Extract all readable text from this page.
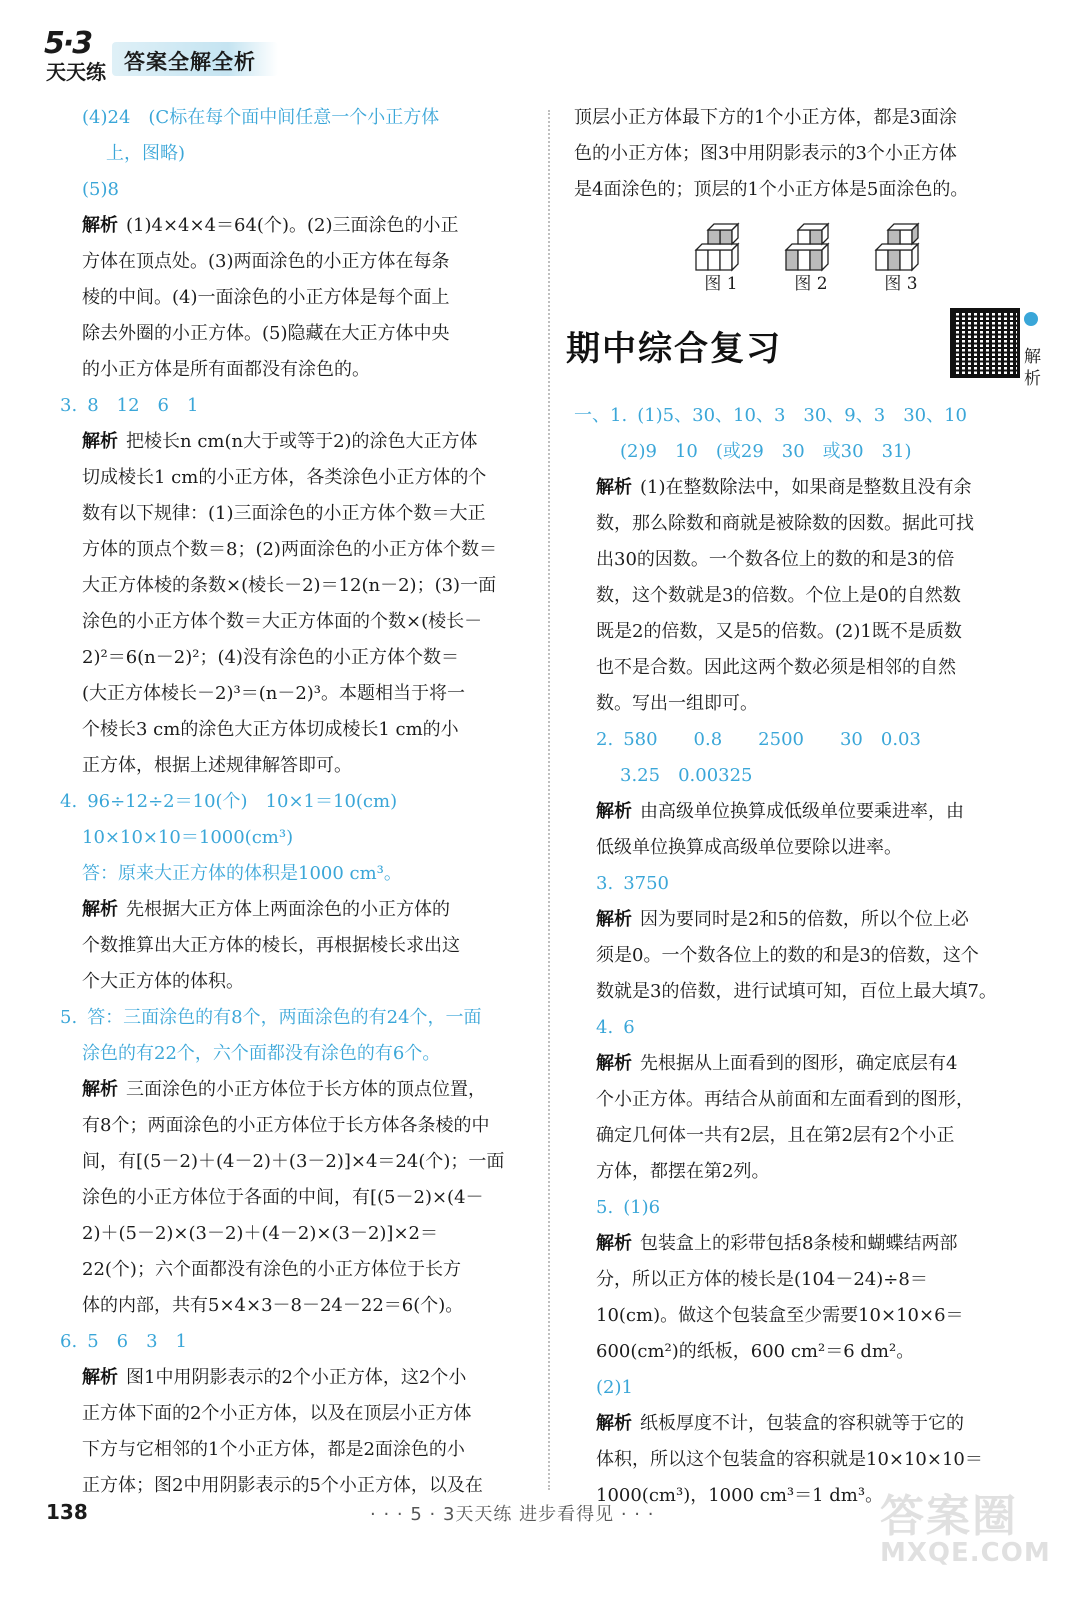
5·3
天天练 答案全解全析
(4)24　(C标在每个面中间任意一个小正方体
上，图略)
(5)8
解析 (1)4×4×4＝64(个)。(2)三面涂色的小正
方体在顶点处。(3)两面涂色的小正方体在每条
棱的中间。(4)一面涂色的小正方体是每个面上
除去外圈的小正方体。(5)隐藏在大正方体中央
的小正方体是所有面都没有涂色的。
3. 8　12　6　1
解析 把棱长n cm(n大于或等于2)的涂色大正方体
切成棱长1 cm的小正方体，各类涂色小正方体的个
数有以下规律：(1)三面涂色的小正方体个数＝大正
方体的顶点个数＝8；(2)两面涂色的小正方体个数＝
大正方体棱的条数×(棱长－2)＝12(n－2)；(3)一面
涂色的小正方体个数＝大正方体面的个数×(棱长－
2)²＝6(n－2)²；(4)没有涂色的小正方体个数＝
(大正方体棱长－2)³＝(n－2)³。本题相当于将一
个棱长3 cm的涂色大正方体切成棱长1 cm的小
正方体，根据上述规律解答即可。
4. 96÷12÷2＝10(个)　10×1＝10(cm)
10×10×10＝1000(cm³)
答：原来大正方体的体积是1000 cm³。
解析 先根据大正方体上两面涂色的小正方体的
个数推算出大正方体的棱长，再根据棱长求出这
个大正方体的体积。
5. 答：三面涂色的有8个，两面涂色的有24个，一面
涂色的有22个，六个面都没有涂色的有6个。
解析 三面涂色的小正方体位于长方体的顶点位置，
有8个；两面涂色的小正方体位于长方体各条棱的中
间，有[(5－2)＋(4－2)＋(3－2)]×4＝24(个)；一面
涂色的小正方体位于各面的中间，有[(5－2)×(4－
2)＋(5－2)×(3－2)＋(4－2)×(3－2)]×2＝
22(个)；六个面都没有涂色的小正方体位于长方
体的内部，共有5×4×3－8－24－22＝6(个)。
6. 5　6　3　1
解析 图1中用阴影表示的2个小正方体，这2个小
正方体下面的2个小正方体，以及在顶层小正方体
下方与它相邻的1个小正方体，都是2面涂色的小
正方体；图2中用阴影表示的5个小正方体，以及在
顶层小正方体最下方的1个小正方体，都是3面涂
色的小正方体；图3中用阴影表示的3个小正方体
是4面涂色的；顶层的1个小正方体是5面涂色的。
图 1	图 2	图 3
期中综合复习	解析
一、1. (1)5、30、10、3　30、9、3　30、10
(2)9　10　(或29　30　或30　31)
解析 (1)在整数除法中，如果商是整数且没有余
数，那么除数和商就是被除数的因数。据此可找
出30的因数。一个数各位上的数的和是3的倍
数，这个数就是3的倍数。个位上是0的自然数
既是2的倍数，又是5的倍数。(2)1既不是质数
也不是合数。因此这两个数必须是相邻的自然
数。写出一组即可。
2. 580　　0.8　　2500　　30　0.03
3.25　0.00325
解析 由高级单位换算成低级单位要乘进率，由
低级单位换算成高级单位要除以进率。
3. 3750
解析 因为要同时是2和5的倍数，所以个位上必
须是0。一个数各位上的数的和是3的倍数，这个
数就是3的倍数，进行试填可知，百位上最大填7。
4. 6
解析 先根据从上面看到的图形，确定底层有4
个小正方体。再结合从前面和左面看到的图形，
确定几何体一共有2层，且在第2层有2个小正
方体，都摆在第2列。
5. (1)6
解析 包装盒上的彩带包括8条棱和蝴蝶结两部
分，所以正方体的棱长是(104－24)÷8＝
10(cm)。做这个包装盒至少需要10×10×6＝
600(cm²)的纸板，600 cm²＝6 dm²。
(2)1
解析 纸板厚度不计，包装盒的容积就等于它的
体积，所以这个包装盒的容积就是10×10×10＝
1000(cm³)，1000 cm³＝1 dm³。
138	· · · 5 · 3天天练 进步看得见 · · ·	答案圈
MXQE.COM
